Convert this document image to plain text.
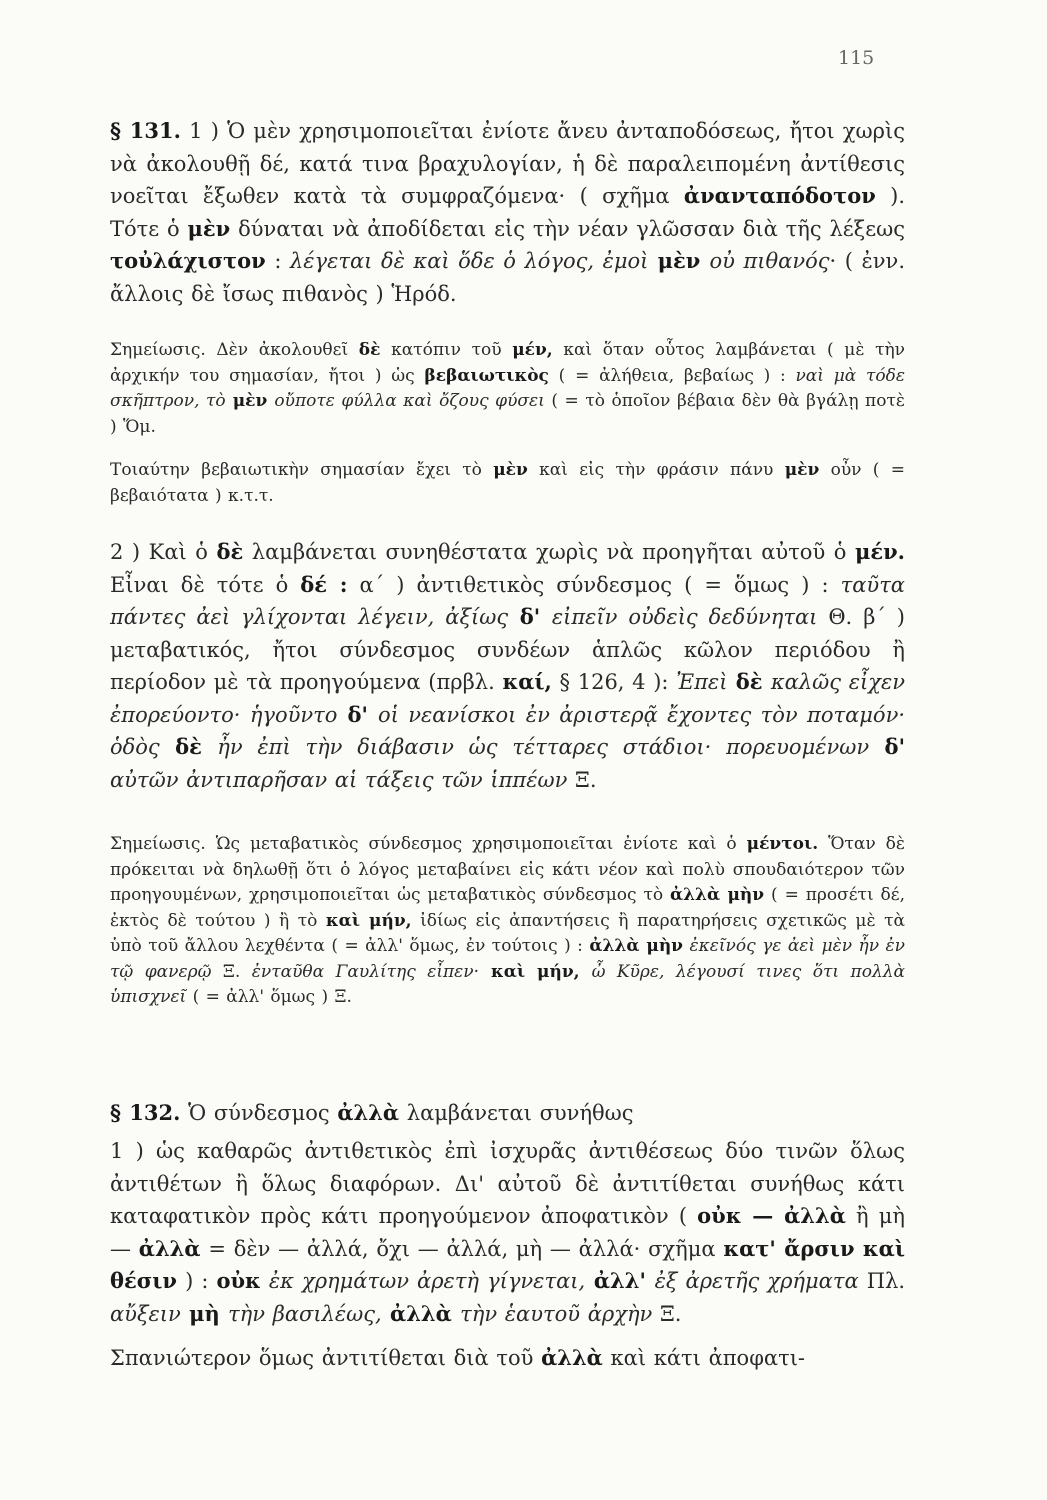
115

§ 131. 1 ) Ὁ μὲν χρησιμοποιεῖται ἐνίοτε ἄνευ ἀνταποδόσεως, ἤτοι χωρὶς νὰ ἀκολουθῇ δέ, κατά τινα βραχυλογίαν, ἡ δὲ παραλειπομένη ἀντίθεσις νοεῖται ἔξωθεν κατὰ τὰ συμφραζόμενα· ( σχῆμα ἀνανταπόδοτον ). Τότε ὁ μὲν δύναται νὰ ἀποδίδεται εἰς τὴν νέαν γλῶσσαν διὰ τῆς λέξεως τοὐλάχιστον : λέγεται δὲ καὶ ὅδε ὁ λόγος, ἐμοὶ μὲν οὐ πιθανός· ( ἐνν. ἄλλοις δὲ ἴσως πιθανὸς ) Ἡρόδ.

Σημείωσις. Δὲν ἀκολουθεῖ δὲ κατόπιν τοῦ μέν, καὶ ὅταν οὗτος λαμβάνεται ( μὲ τὴν ἀρχικήν του σημασίαν, ἤτοι ) ὡς βεβαιωτικὸς ( = ἀλήθεια, βεβαίως ) : ναὶ μὰ τόδε σκῆπτρον, τὸ μὲν οὔποτε φύλλα καὶ ὄζους φύσει ( = τὸ ὁποῖον βέβαια δὲν θὰ βγάλῃ ποτὲ ) Ὅμ.

Τοιαύτην βεβαιωτικὴν σημασίαν ἔχει τὸ μὲν καὶ εἰς τὴν φράσιν πάνυ μὲν οὖν ( = βεβαιότατα ) κ.τ.τ.

2 ) Καὶ ὁ δὲ λαμβάνεται συνηθέστατα χωρὶς νὰ προηγῆται αὐτοῦ ὁ μέν. Εἶναι δὲ τότε ὁ δέ : α΄ ) ἀντιθετικὸς σύνδεσμος ( = ὅμως ) : ταῦτα πάντες ἀεὶ γλίχονται λέγειν, ἀξίως δ' εἰπεῖν οὐδεὶς δεδύνηται Θ. β΄ ) μεταβατικός, ἤτοι σύνδεσμος συνδέων ἁπλῶς κῶλον περιόδου ἢ περίοδον μὲ τὰ προηγούμενα (πρβλ. καί, § 126, 4 ): Ἐπεὶ δὲ καλῶς εἶχεν ἐπορεύοντο· ἡγοῦντο δ' οἱ νεανίσκοι ἐν ἀριστερᾷ ἔχοντες τὸν ποταμόν· ὁδὸς δὲ ἦν ἐπὶ τὴν διάβασιν ὡς τέτταρες στάδιοι· πορευομένων δ' αὐτῶν ἀντιπαρῆσαν αἱ τάξεις τῶν ἱππέων Ξ.

Σημείωσις. Ὡς μεταβατικὸς σύνδεσμος χρησιμοποιεῖται ἐνίοτε καὶ ὁ μέντοι. Ὅταν δὲ πρόκειται νὰ δηλωθῇ ὅτι ὁ λόγος μεταβαίνει εἰς κάτι νέον καὶ πολὺ σπουδαιότερον τῶν προηγουμένων, χρησιμοποιεῖται ὡς μεταβατικὸς σύνδεσμος τὸ ἀλλὰ μὴν ( = προσέτι δέ, ἐκτὸς δὲ τούτου ) ἢ τὸ καὶ μήν, ἰδίως εἰς ἀπαντήσεις ἢ παρατηρήσεις σχετικῶς μὲ τὰ ὑπὸ τοῦ ἄλλου λεχθέντα ( = ἀλλ' ὅμως, ἐν τούτοις ) : ἀλλὰ μὴν ἐκεῖνός γε ἀεὶ μὲν ἦν ἐν τῷ φανερῷ Ξ. ἐνταῦθα Γαυλίτης εἶπεν· καὶ μήν, ὦ Κῦρε, λέγουσί τινες ὅτι πολλὰ ὑπισχνεῖ ( = ἀλλ' ὅμως ) Ξ.

§ 132. Ὁ σύνδεσμος ἀλλὰ λαμβάνεται συνήθως

1 ) ὡς καθαρῶς ἀντιθετικὸς ἐπὶ ἰσχυρᾶς ἀντιθέσεως δύο τινῶν ὅλως ἀντιθέτων ἢ ὅλως διαφόρων. Δι' αὐτοῦ δὲ ἀντιτίθεται συνήθως κάτι καταφατικὸν πρὸς κάτι προηγούμενον ἀποφατικὸν ( οὐκ — ἀλλὰ ἢ μὴ — ἀλλὰ = δὲν — ἀλλά, ὄχι — ἀλλά, μὴ — ἀλλά· σχῆμα κατ' ἄρσιν καὶ θέσιν ) : οὐκ ἐκ χρημάτων ἀρετὴ γίγνεται, ἀλλ' ἐξ ἀρετῆς χρήματα Πλ. αὔξειν μὴ τὴν βασιλέως, ἀλλὰ τὴν ἑαυτοῦ ἀρχὴν Ξ.

Σπανιώτερον ὅμως ἀντιτίθεται διὰ τοῦ ἀλλὰ καὶ κάτι ἀποφατι-
